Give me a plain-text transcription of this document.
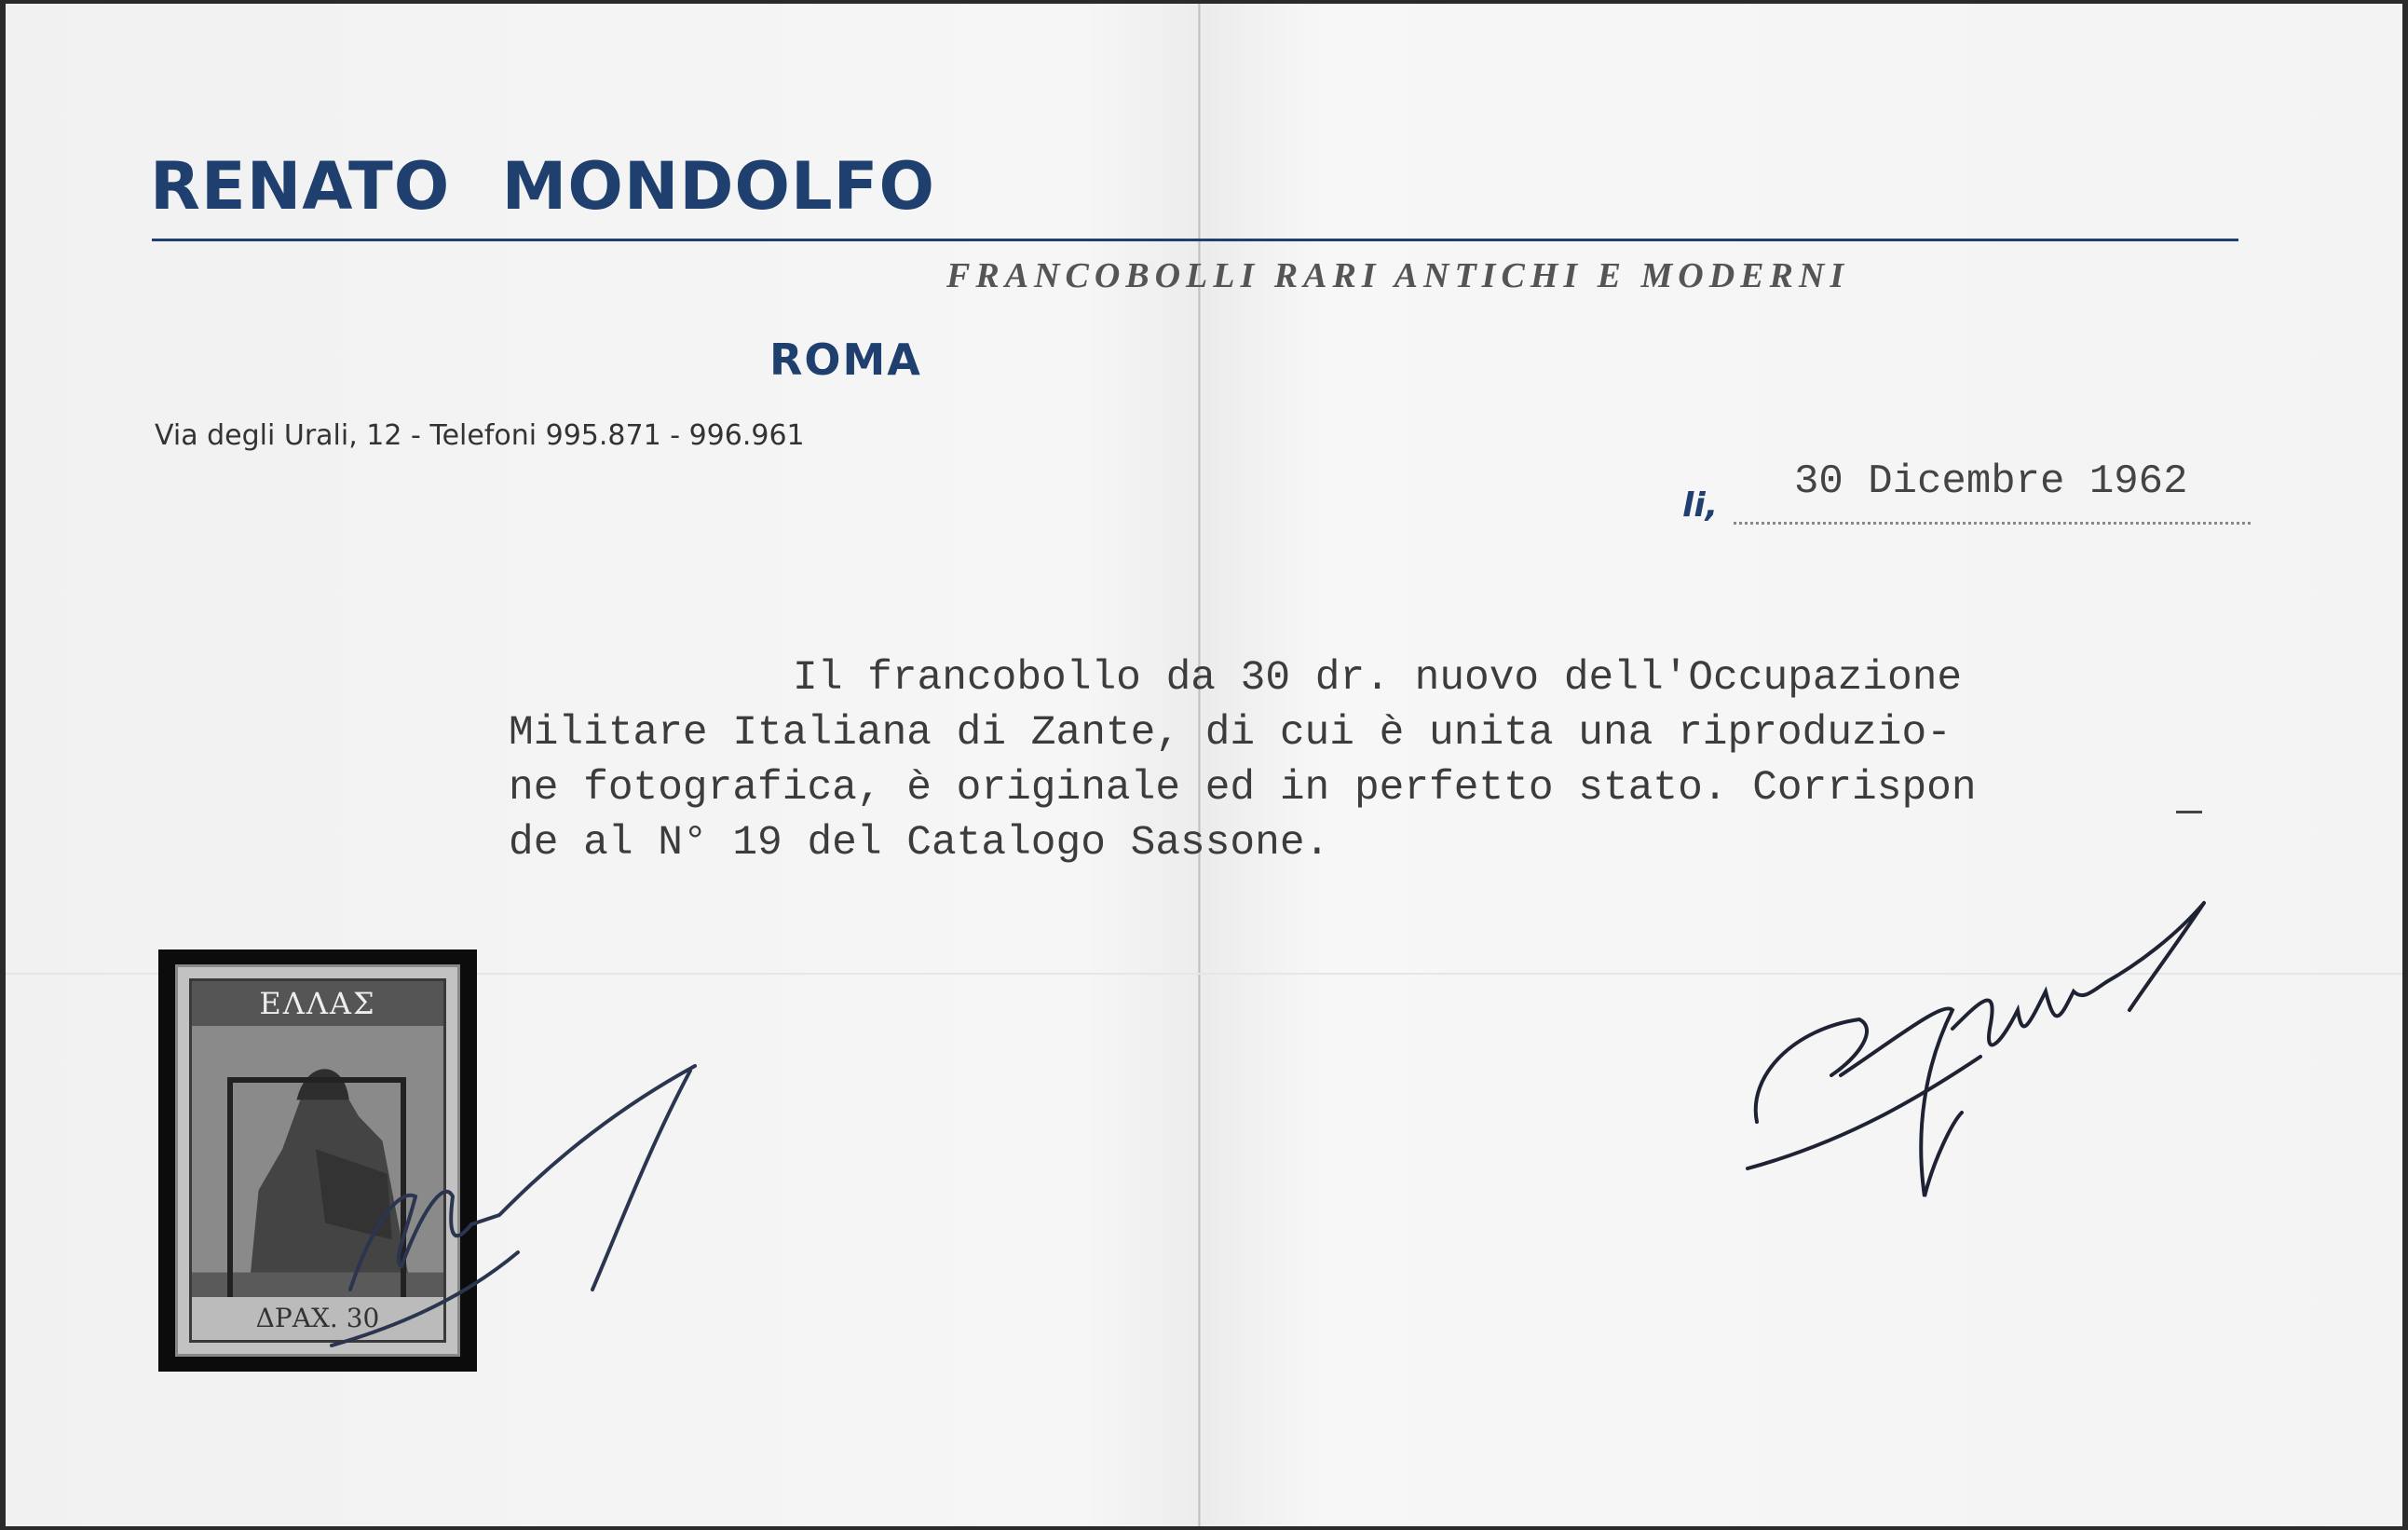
RENATO MONDOLFO

FRANCOBOLLI RARI ANTICHI E MODERNI

ROMA

Via degli Urali, 12 - Telefoni 995.871 - 996.961

li,
30 Dicembre 1962
Il francobollo da 30 dr. nuovo dell'Occupazione
Militare Italiana di Zante, di cui è unita una riproduzio-
ne fotografica, è originale ed in perfetto stato. Corrispon
de al N° 19 del Catalogo Sassone.
ΕΛΛΑΣ
ΔΡΑΧ. 30
